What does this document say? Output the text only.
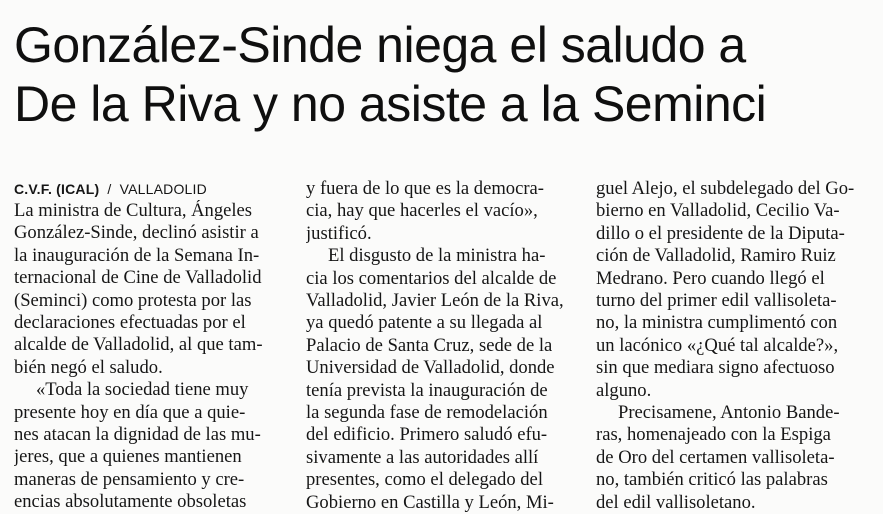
González-Sinde niega el saludo a
De la Riva y no asiste a la Seminci
C.V.F. (ICAL) / VALLADOLID
La ministra de Cultura, Ángeles
González-Sinde, declinó asistir a
la inauguración de la Semana In-
ternacional de Cine de Valladolid
(Seminci) como protesta por las
declaraciones efectuadas por el
alcalde de Valladolid, al que tam-
bién negó el saludo.
«Toda la sociedad tiene muy
presente hoy en día que a quie-
nes atacan la dignidad de las mu-
jeres, que a quienes mantienen
maneras de pensamiento y cre-
encias absolutamente obsoletas
y fuera de lo que es la democra-
cia, hay que hacerles el vacío»,
justificó.
El disgusto de la ministra ha-
cia los comentarios del alcalde de
Valladolid, Javier León de la Riva,
ya quedó patente a su llegada al
Palacio de Santa Cruz, sede de la
Universidad de Valladolid, donde
tenía prevista la inauguración de
la segunda fase de remodelación
del edificio. Primero saludó efu-
sivamente a las autoridades allí
presentes, como el delegado del
Gobierno en Castilla y León, Mi-
guel Alejo, el subdelegado del Go-
bierno en Valladolid, Cecilio Va-
dillo o el presidente de la Diputa-
ción de Valladolid, Ramiro Ruiz
Medrano. Pero cuando llegó el
turno del primer edil vallisoleta-
no, la ministra cumplimentó con
un lacónico «¿Qué tal alcalde?»,
sin que mediara signo afectuoso
alguno.
Precisamene, Antonio Bande-
ras, homenajeado con la Espiga
de Oro del certamen vallisoleta-
no, también criticó las palabras
del edil vallisoletano.
